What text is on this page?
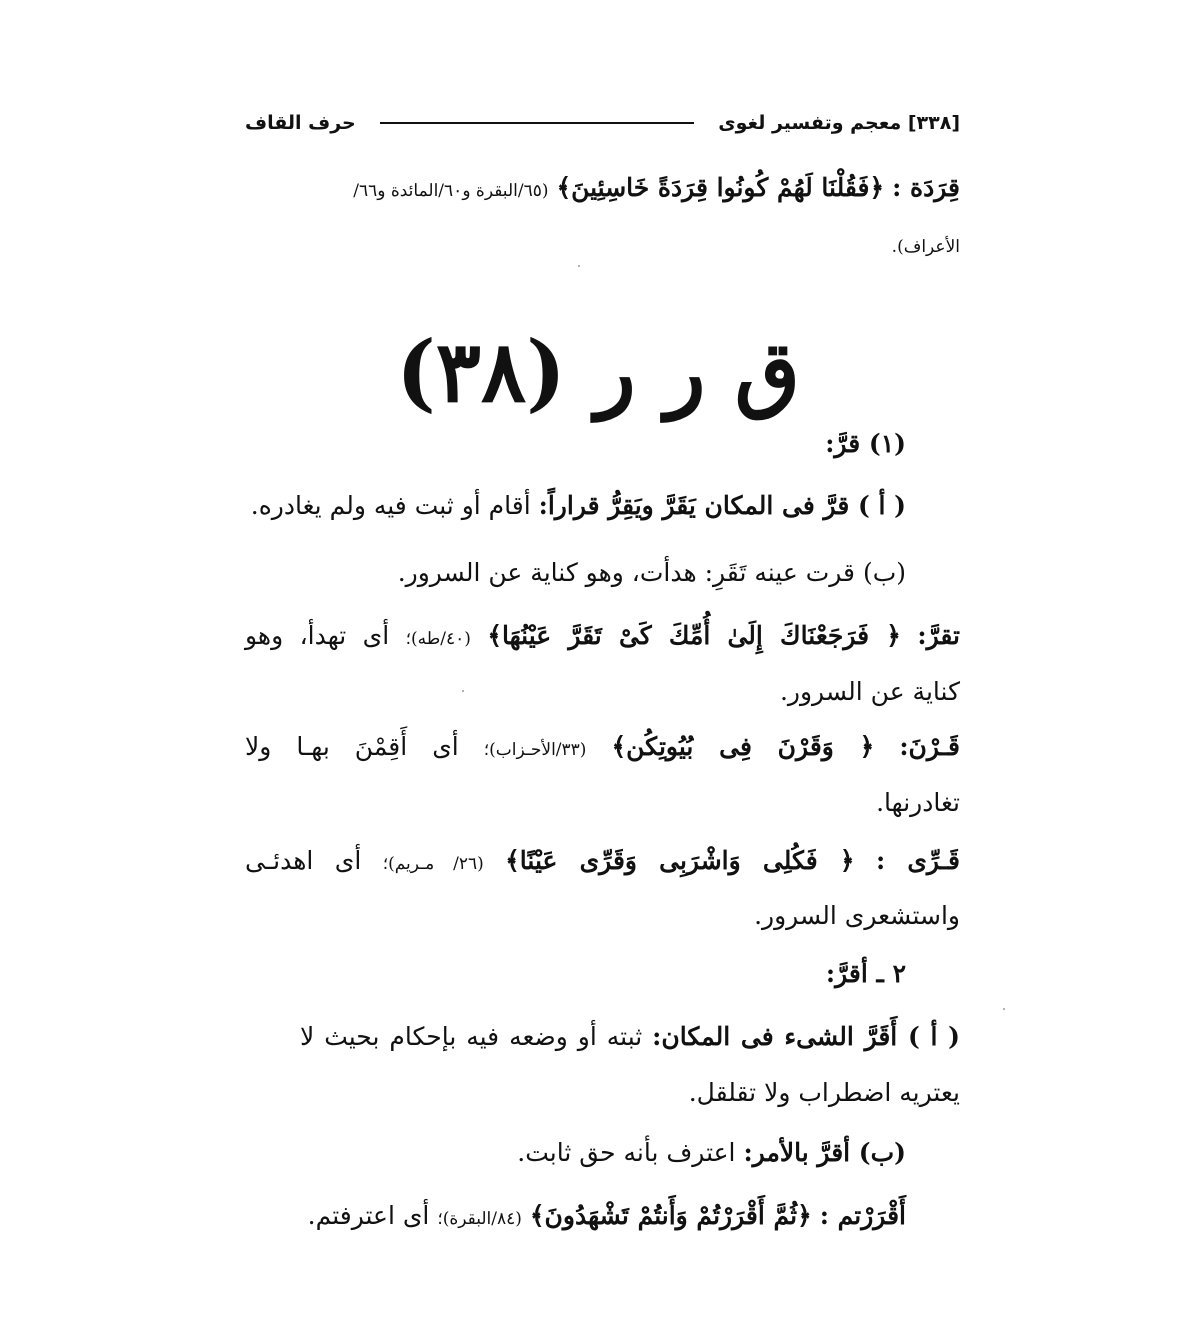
[٣٣٨] معجم وتفسير لغوى
حرف القاف
قِرَدَة : ﴿فَقُلْنَا لَهُمْ كُونُوا قِرَدَةً خَاسِئِينَ﴾ (٦٥/البقرة و٦٠/المائدة و٦٦/
الأعراف).
ق ر ر (٣٨)
(١) قرَّ:
( أ ) قرَّ فى المكان يَقَرَّ ويَقِرُّ قراراً: أقام أو ثبت فيه ولم يغادره.
(ب) قرت عينه تَقَرِ: هدأت، وهو كناية عن السرور.
تقرَّ: ﴿ فَرَجَعْنَاكَ إِلَىٰ أُمِّكَ كَىْ تَقَرَّ عَيْنُهَا﴾ (٤٠/طه)؛ أى تهدأ، وهو
كناية عن السرور.
قَـرْنَ: ﴿ وَقَرْنَ فِى بُيُوتِكُن﴾ (٣٣/الأحـزاب)؛ أى أَقِمْنَ بهـا ولا
تغادرنها.
قَـرِّى : ﴿ فَكُلِى وَاشْرَبِى وَقَرِّى عَيْنًا﴾ (٢٦/ مـريم)؛ أى اهدئـى
واستشعرى السرور.
٢ ـ أقرَّ:
( أ ) أَقَرَّ الشىء فى المكان: ثبته أو وضعه فيه بإحكام بحيث لا
يعتريه اضطراب ولا تقلقل.
(ب) أقرَّ بالأمر: اعترف بأنه حق ثابت.
أَقْرَرْتم : ﴿ثُمَّ أَقْرَرْتُمْ وَأَنتُمْ تَشْهَدُونَ﴾ (٨٤/البقرة)؛ أى اعترفتم.
